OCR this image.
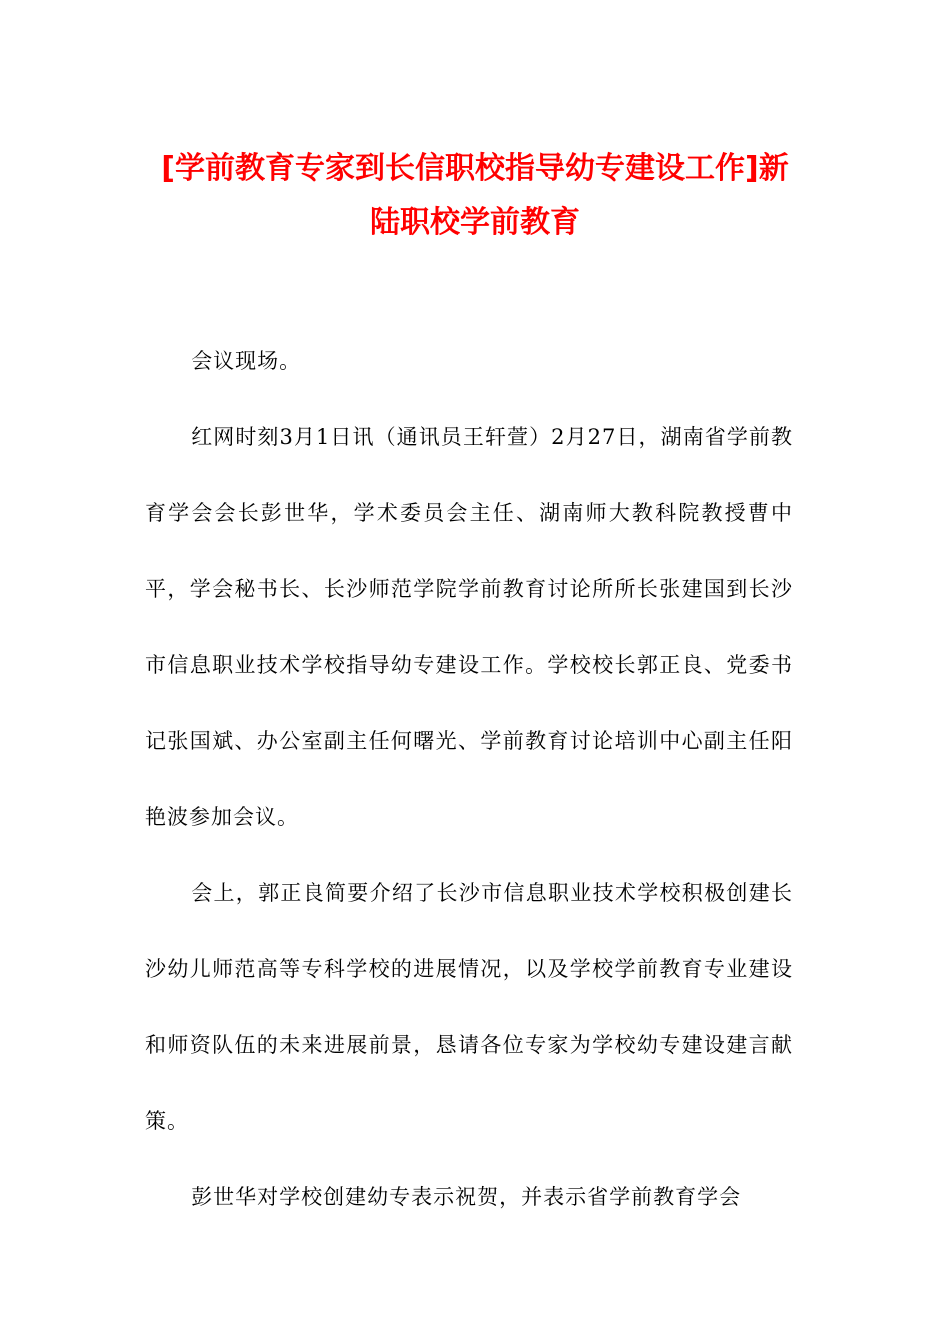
[学前教育专家到长信职校指导幼专建设工作]新陆职校学前教育

会议现场。

红网时刻3月1日讯（通讯员王轩萱）2月27日，湖南省学前教育学会会长彭世华，学术委员会主任、湖南师大教科院教授曹中平，学会秘书长、长沙师范学院学前教育讨论所所长张建国到长沙市信息职业技术学校指导幼专建设工作。学校校长郭正良、党委书记张国斌、办公室副主任何曙光、学前教育讨论培训中心副主任阳艳波参加会议。

会上，郭正良简要介绍了长沙市信息职业技术学校积极创建长沙幼儿师范高等专科学校的进展情况，以及学校学前教育专业建设和师资队伍的未来进展前景，恳请各位专家为学校幼专建设建言献策。

彭世华对学校创建幼专表示祝贺，并表示省学前教育学会
